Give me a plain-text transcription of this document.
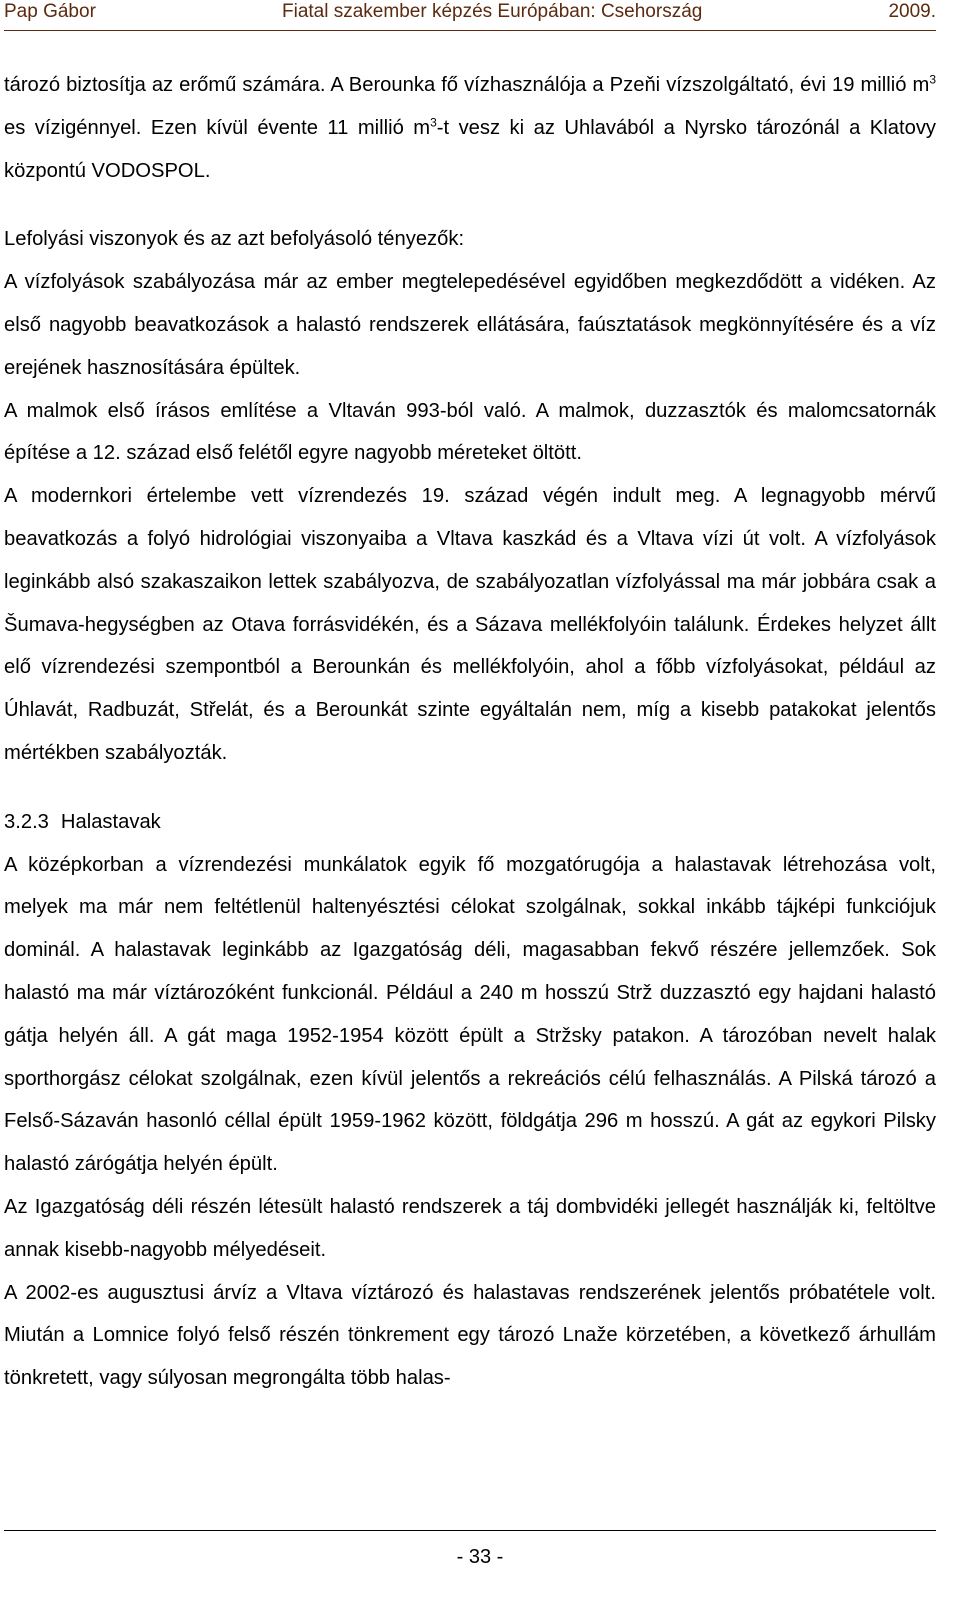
Pap Gábor	Fiatal szakember képzés Európában: Csehország	2009.

tározó biztosítja az erőmű számára. A Berounka fő vízhasználója a Pzeňi vízszolgáltató, évi 19 millió $m^3$ es vízigénnyel. Ezen kívül évente 11 millió $m^3-t$ vesz ki az Uhlavából a Nyrsko tározónál a Klatovy központú VODOSPOL.

Lefolyási viszonyok és az azt befolyásoló tényezők:

A vízfolyások szabályozása már az ember megtelepedésével egyidőben megkezdődött a vidéken. Az első nagyobb beavatkozások a halastó rendszerek ellátására, faúsztatások megkönnyítésére és a víz erejének hasznosítására épültek.

A malmok első írásos említése a Vltaván 993-ból való. A malmok, duzzasztók és malomcsatornák építése a 12. század első felétől egyre nagyobb méreteket öltött.

A modernkori értelembe vett vízrendezés 19. század végén indult meg. A legnagyobb mérvű beavatkozás a folyó hidrológiai viszonyaiba a Vltava kaszkád és a Vltava vízi út volt. A vízfolyások leginkább alsó szakaszaikon lettek szabályozva, de szabályozatlan vízfolyással ma már jobbára csak a Šumava-hegységben az Otava forrásvidékén, és a Sázava mellékfolyóin találunk. Érdekes helyzet állt elő vízrendezési szempontból a Berounkán és mellékfolyóin, ahol a főbb vízfolyásokat, például az Úhlavát, Radbuzát, Střelát, és a Berounkát szinte egyáltalán nem, míg a kisebb patakokat jelentős mértékben szabályozták.

3.2.3 Halastavak

A középkorban a vízrendezési munkálatok egyik fő mozgatórugója a halastavak létrehozása volt, melyek ma már nem feltétlenül haltenyésztési célokat szolgálnak, sokkal inkább tájképi funkciójuk dominál. A halastavak leginkább az Igazgatóság déli, magasabban fekvő részére jellemzőek. Sok halastó ma már víztározóként funkcionál. Például a 240 m hosszú Strž duzzasztó egy hajdani halastó gátja helyén áll. A gát maga 1952-1954 között épült a Stržsky patakon. A tározóban nevelt halak sporthorgász célokat szolgálnak, ezen kívül jelentős a rekreációs célú felhasználás. A Pilská tározó a Felső-Sázaván hasonló céllal épült 1959-1962 között, földgátja 296 m hosszú. A gát az egykori Pilsky halastó zárógátja helyén épült.

Az Igazgatóság déli részén létesült halastó rendszerek a táj dombvidéki jellegét használják ki, feltöltve annak kisebb-nagyobb mélyedéseit.

A 2002-es augusztusi árvíz a Vltava víztározó és halastavas rendszerének jelentős próbatétele volt. Miután a Lomnice folyó felső részén tönkrement egy tározó Lnaže körzetében, a következő árhullám tönkretett, vagy súlyosan megrongálta több halas-

- 33 -
